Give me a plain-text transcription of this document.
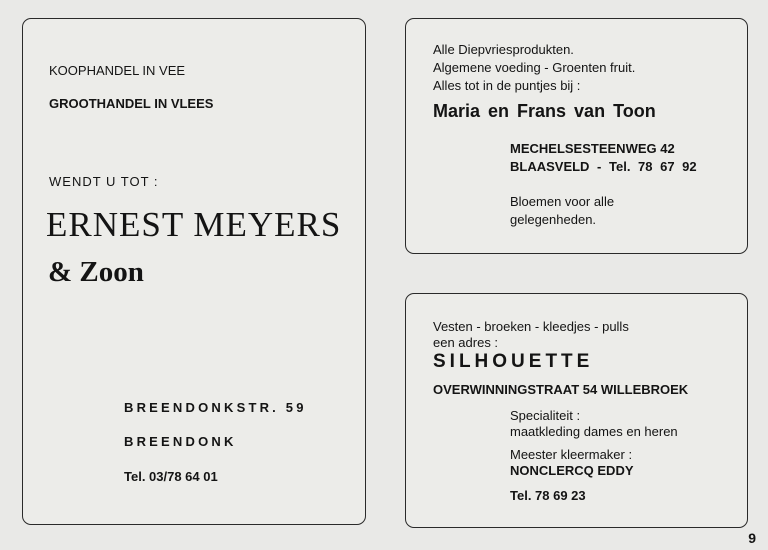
KOOPHANDEL IN VEE
GROOTHANDEL IN VLEES
WENDT U TOT :
ERNEST MEYERS
& Zoon
BREENDONKSTR. 59
BREENDONK
Tel. 03/78 64 01
Alle Diepvriesprodukten.
Algemene voeding - Groenten fruit.
Alles tot in de puntjes bij :
Maria en Frans van Toon
MECHELSESTEENWEG 42
BLAASVELD - Tel. 78 67 92
Bloemen voor alle
gelegenheden.
Vesten - broeken - kleedjes - pulls
een adres :
SILHOUETTE
OVERWINNINGSTRAAT 54 WILLEBROEK
Specialiteit :
maatkleding dames en heren
Meester kleermaker :
NONCLERCQ EDDY
Tel. 78 69 23
9
